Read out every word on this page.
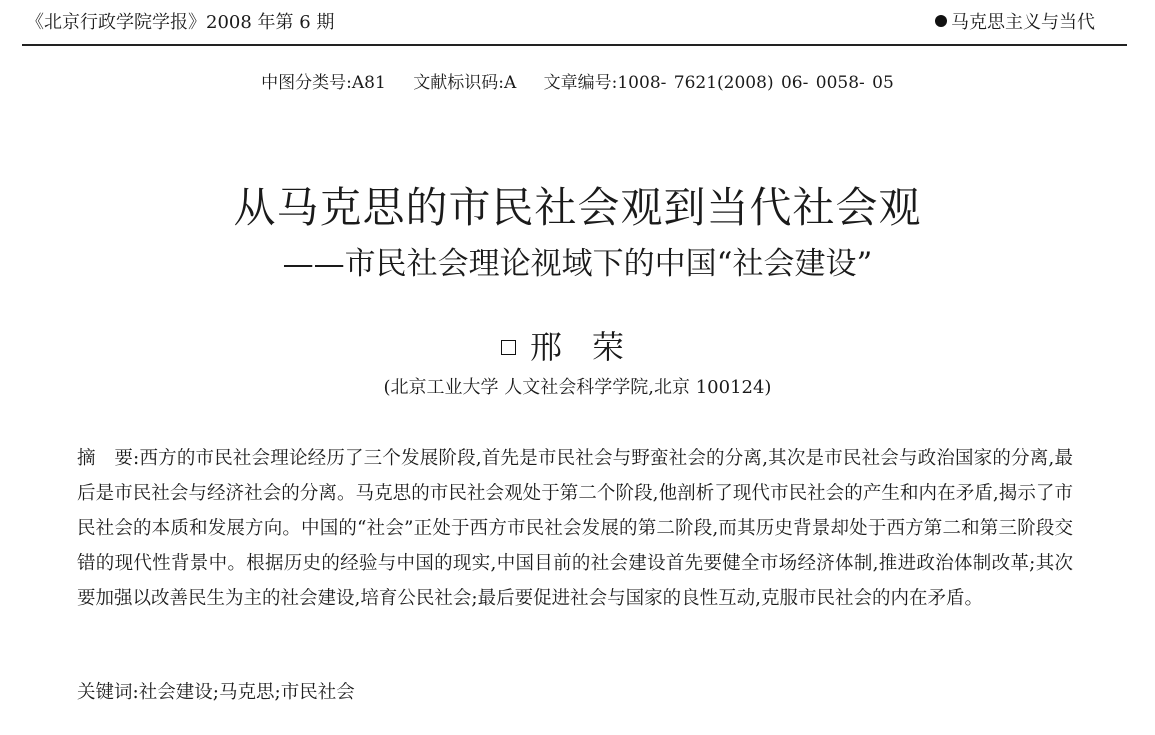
《北京行政学院学报》2008 年第 6 期	马克思主义与当代
中图分类号:A81 文献标识码:A 文章编号:1008- 7621(2008) 06- 0058- 05
从马克思的市民社会观到当代社会观
——市民社会理论视域下的中国“社会建设”
邢荣
(北京工业大学 人文社会科学学院,北京 100124)
摘　要:西方的市民社会理论经历了三个发展阶段,首先是市民社会与野蛮社会的分离,其次是市民社会与政治国家的分离,最后是市民社会与经济社会的分离。马克思的市民社会观处于第二个阶段,他剖析了现代市民社会的产生和内在矛盾,揭示了市民社会的本质和发展方向。中国的“社会”正处于西方市民社会发展的第二阶段,而其历史背景却处于西方第二和第三阶段交错的现代性背景中。根据历史的经验与中国的现实,中国目前的社会建设首先要健全市场经济体制,推进政治体制改革;其次要加强以改善民生为主的社会建设,培育公民社会;最后要促进社会与国家的良性互动,克服市民社会的内在矛盾。
关键词:社会建设;马克思;市民社会
